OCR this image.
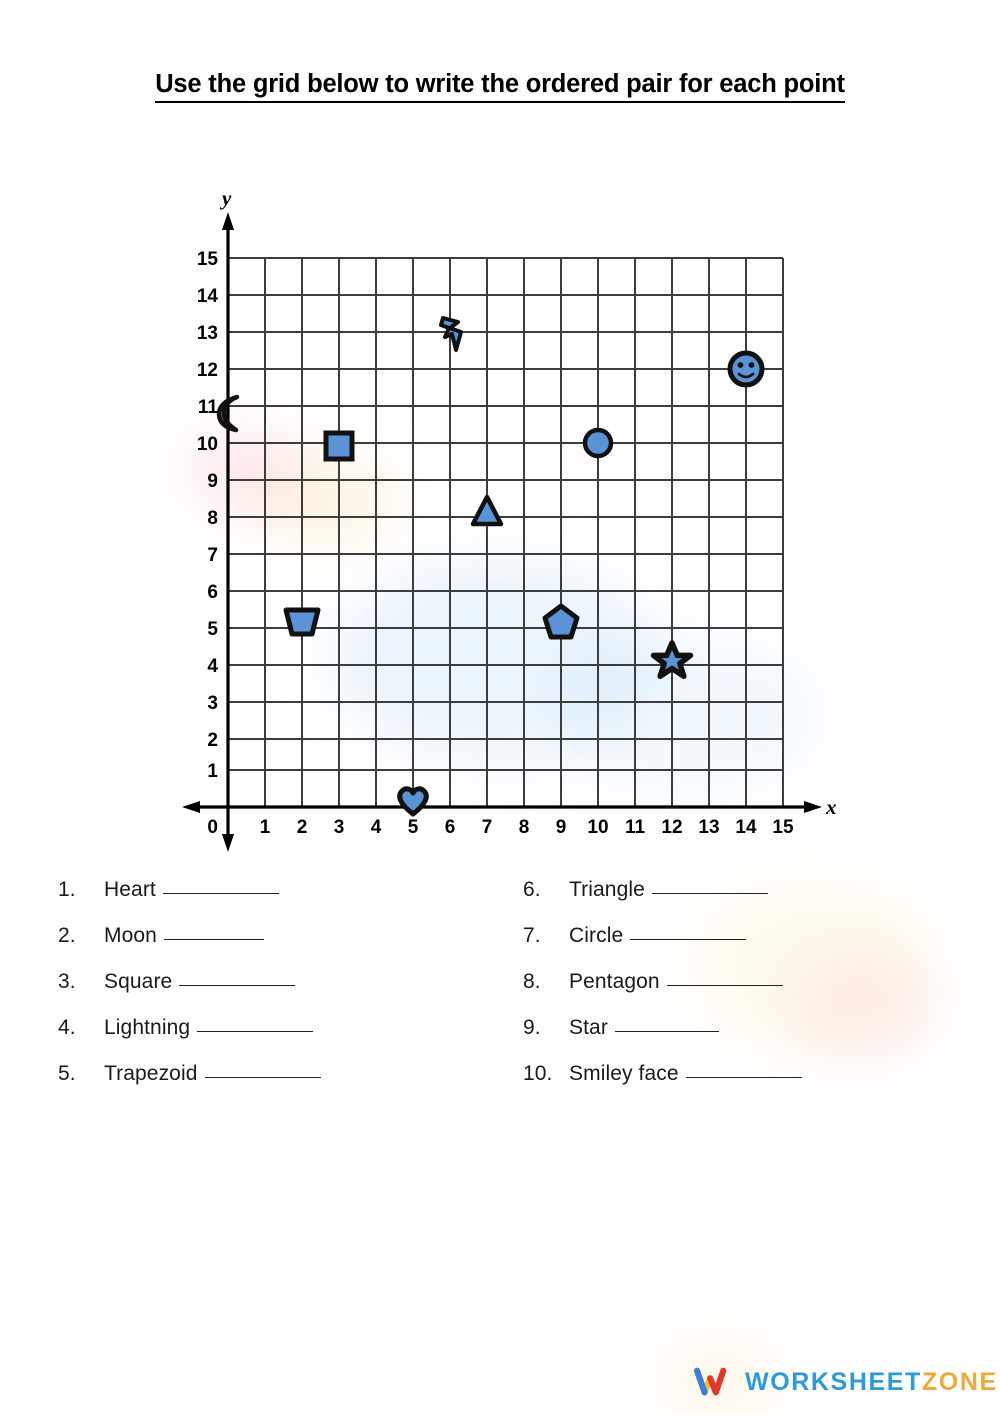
Use the grid below to write the ordered pair for each point
y
x
15
14
13
12
11
10
9
8
7
6
5
4
3
2
1
0 1 2 3 4 5 6 7 8 9 10 11 12 13 14 15
1.	Heart
2.	Moon
3.	Square
4.	Lightning
5.	Trapezoid
6.	Triangle
7.	Circle
8.	Pentagon
9.	Star
10. Smiley face
WORKSHEETZONE
